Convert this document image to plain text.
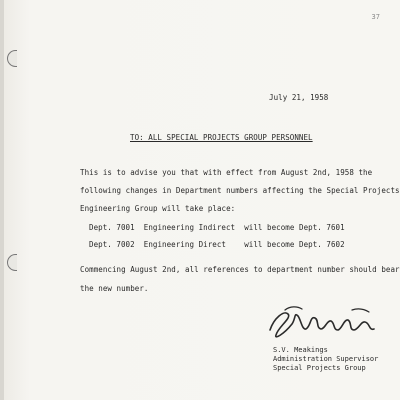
37
July 21, 1958
TO: ALL SPECIAL PROJECTS GROUP PERSONNEL
This is to advise you that with effect from August 2nd, 1958 the
following changes in Department numbers affecting the Special Projects
Engineering Group will take place:
Dept. 7001  Engineering Indirect  will become Dept. 7601
Dept. 7002  Engineering Direct    will become Dept. 7602
Commencing August 2nd, all references to department number should bear
the new number.
S.V. Meakings
Administration Supervisor
Special Projects Group
